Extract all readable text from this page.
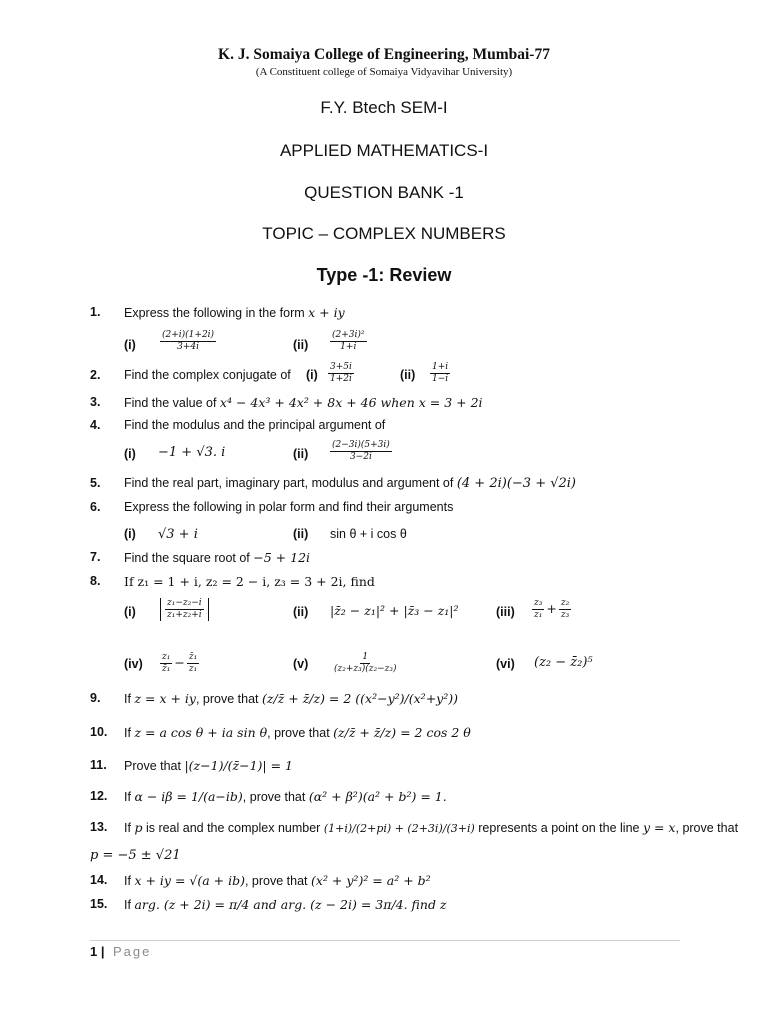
K. J. Somaiya College of Engineering, Mumbai-77
(A Constituent college of Somaiya Vidyavihar University)
F.Y. Btech SEM-I
APPLIED MATHEMATICS-I
QUESTION BANK -1
TOPIC – COMPLEX NUMBERS
Type -1: Review
1. Express the following in the form x + iy
(i)	$\frac{(2+i)(1+2i)}{3+4i}$	$(ii) \frac{\text{(2+3i)²}}{1+i}$
2. Find the complex conjugate of $(i) \frac{3+5i}{1+2i}$	$(ii) \frac{1+i}{1-i}$
3. Find the value of x⁴ − 4x³ + 4x² + 8x + 46 when x = 3 + 2i
4. Find the modulus and the principal argument of
(i) −1 + √3. i	$(ii) \frac{(2-3i)(5+3i)}{3-2i}$
5. Find the real part, imaginary part, modulus and argument of (4 + 2i)(−3 + √2i)
6. Express the following in polar form and find their arguments
(i) √3 + i	(ii) sin θ + i cos θ
7. Find the square root of −5 + 12i
8. If z₁ = 1 + i, z₂ = 2 − i, z₃ = 3 + 2i, find
(i)	$\frac{\text{z₁−z₂−i}}{\text{z₁+z₂+i}}$	(ii) |z̄₂ − z₁|² + |z̄₃ − z₁|²	$(iii) \frac{\text{z₃}}{\text{z₁}} + \frac{\text{z₂}}{\text{z₃}}$
$(iv) \frac{\text{z₁}}{\text{z̄₁}} - \frac{\text{z̄₁}}{\text{z₁}}$	(v)	$\frac{1}{\text{(z₂+z₃)(z₂−z₃)}}$	(vi) (z₂ − z̄₂)⁵
9. If z = x + iy, prove that (z/z̄ + z̄/z) = 2 ((x²−y²)/(x²+y²))
10. If z = a cos θ + ia sin θ, prove that (z/z̄ + z̄/z) = 2 cos 2 θ
11. Prove that |(z−1)/(z̄−1)| = 1
12. If α − iβ = 1/(a−ib), prove that (α² + β²)(a² + b²) = 1.
13. If p is real and the complex number (1+i)/(2+pi) + (2+3i)/(3+i) represents a point on the line y = x, prove that
p = −5 ± √21
14. If x + iy = √(a + ib), prove that (x² + y²)² = a² + b²
15. If arg. (z + 2i) = π/4 and arg. (z − 2i) = 3π/4. find z
1 | Page
